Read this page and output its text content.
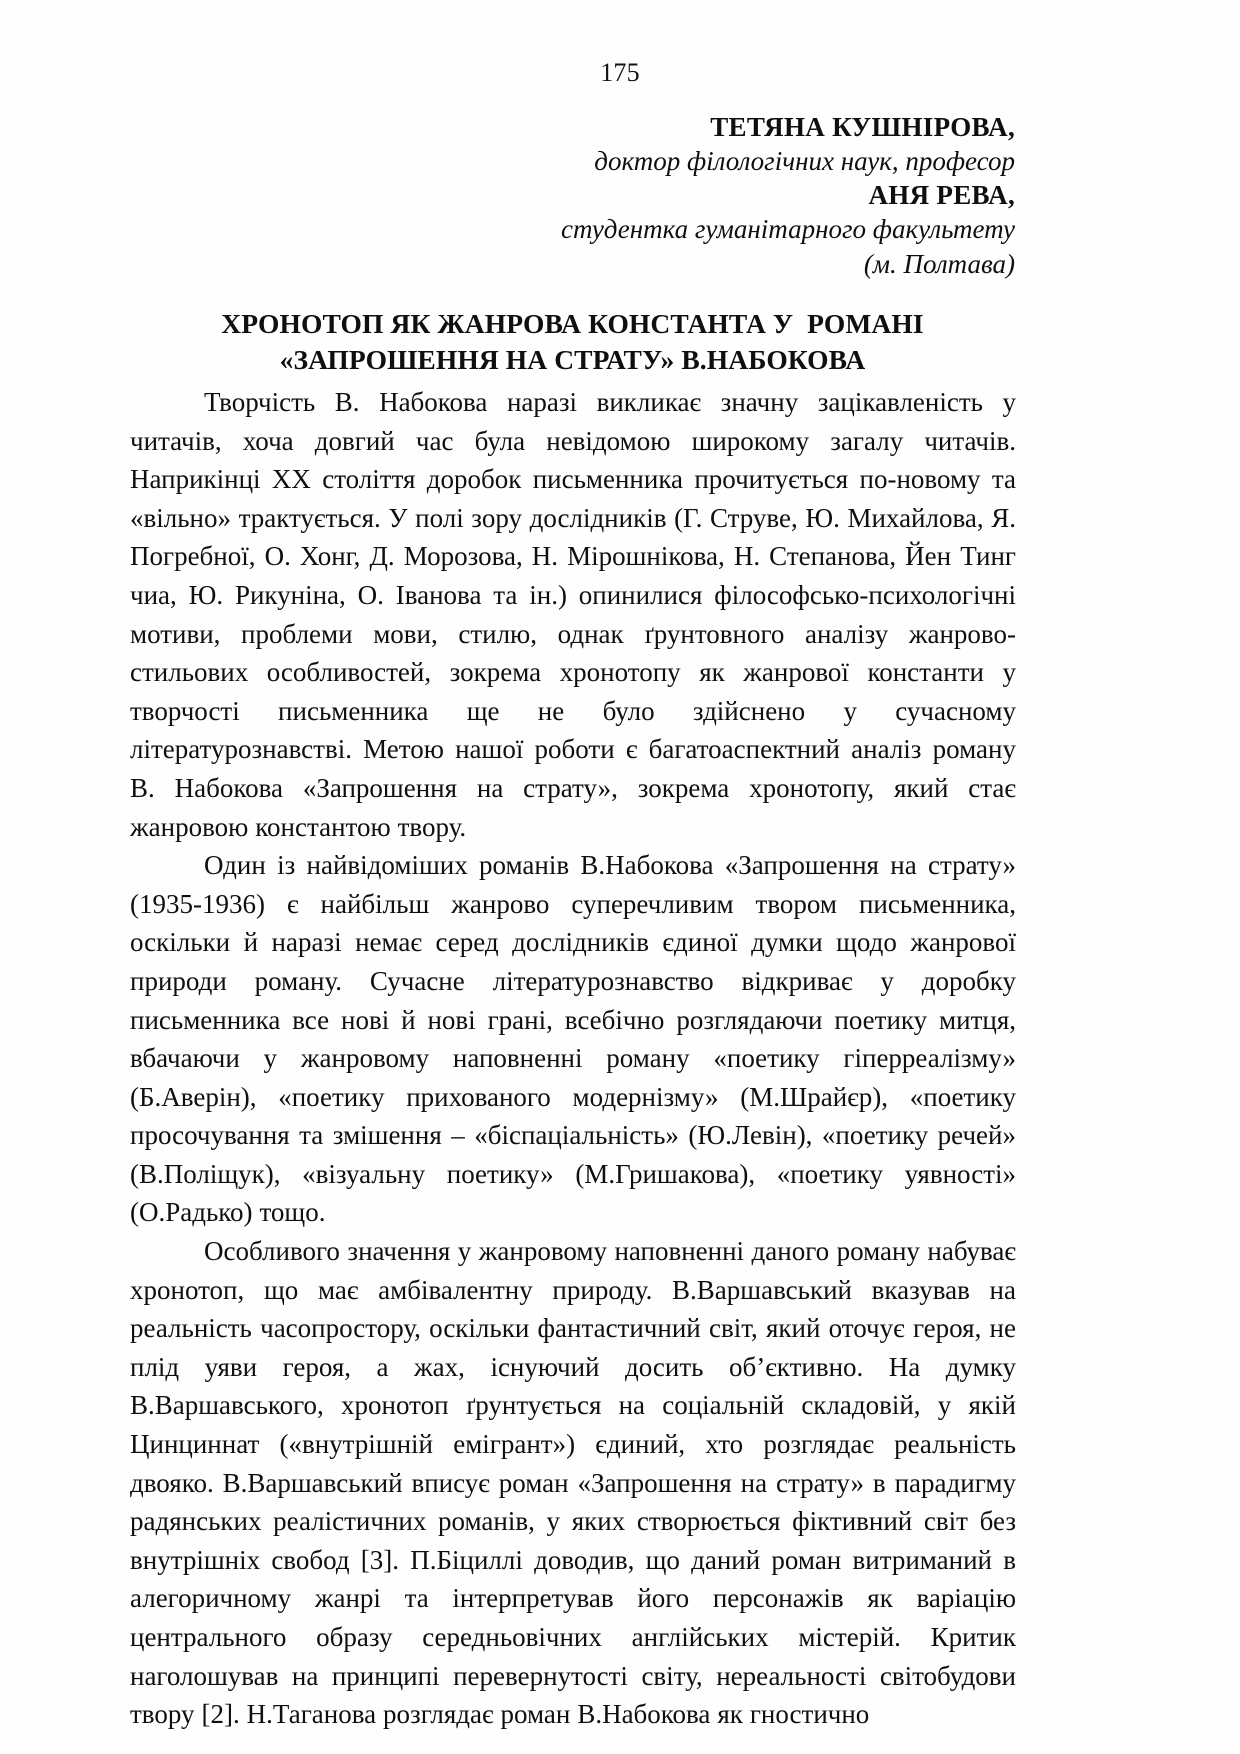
175
ТЕТЯНА КУШНІРОВА,
доктор філологічних наук, професор
АНЯ РЕВА,
студентка гуманітарного факультету
(м. Полтава)
ХРОНОТОП ЯК ЖАНРОВА КОНСТАНТА У  РОМАНІ
«ЗАПРОШЕННЯ НА СТРАТУ» В.НАБОКОВА

Творчість В. Набокова наразі викликає значну зацікавленість у читачів, хоча довгий час була невідомою широкому загалу читачів. Наприкінці ХХ століття доробок письменника прочитується по-новому та «вільно» трактується. У полі зору дослідників (Г. Струве, Ю. Михайлова, Я. Погребної, О. Хонг, Д. Морозова, Н. Мірошнікова, Н. Степанова, Йен Тинг чиа, Ю. Рикуніна, О. Іванова та ін.) опинилися філософсько-психологічні мотиви, проблеми мови, стилю, однак ґрунтовного аналізу жанрово-стильових особливостей, зокрема хронотопу як жанрової константи у творчості письменника ще не було здійснено у сучасному літературознавстві. Метою нашої роботи є багатоаспектний аналіз роману В. Набокова «Запрошення на страту», зокрема хронотопу, який стає жанровою константою твору.

Один із найвідоміших романів В.Набокова «Запрошення на страту» (1935-1936) є найбільш жанрово суперечливим твором письменника, оскільки й наразі немає серед дослідників єдиної думки щодо жанрової природи роману. Сучасне літературознавство відкриває у доробку письменника все нові й нові грані, всебічно розглядаючи поетику митця, вбачаючи у жанровому наповненні роману «поетику гіперреалізму» (Б.Аверін), «поетику прихованого модернізму» (М.Шрайєр), «поетику просочування та змішення – «біспаціальність» (Ю.Левін), «поетику речей» (В.Поліщук), «візуальну поетику» (М.Гришакова), «поетику уявності» (О.Радько) тощо.

Особливого значення у жанровому наповненні даного роману набуває хронотоп, що має амбівалентну природу. В.Варшавський вказував на реальність часопростору, оскільки фантастичний світ, який оточує героя, не плід уяви героя, а жах, існуючий досить об’єктивно. На думку В.Варшавського, хронотоп ґрунтується на соціальній складовій, у якій Цинциннат («внутрішній емігрант») єдиний, хто розглядає реальність двояко. В.Варшавський вписує роман «Запрошення на страту» в парадигму радянських реалістичних романів, у яких створюється фіктивний світ без внутрішніх свобод [3]. П.Біциллі доводив, що даний роман витриманий в алегоричному жанрі та інтерпретував його персонажів як варіацію центрального образу середньовічних англійських містерій. Критик наголошував на принципі перевернутості світу, нереальності світобудови твору [2]. Н.Таганова розглядає роман В.Набокова як гностично
